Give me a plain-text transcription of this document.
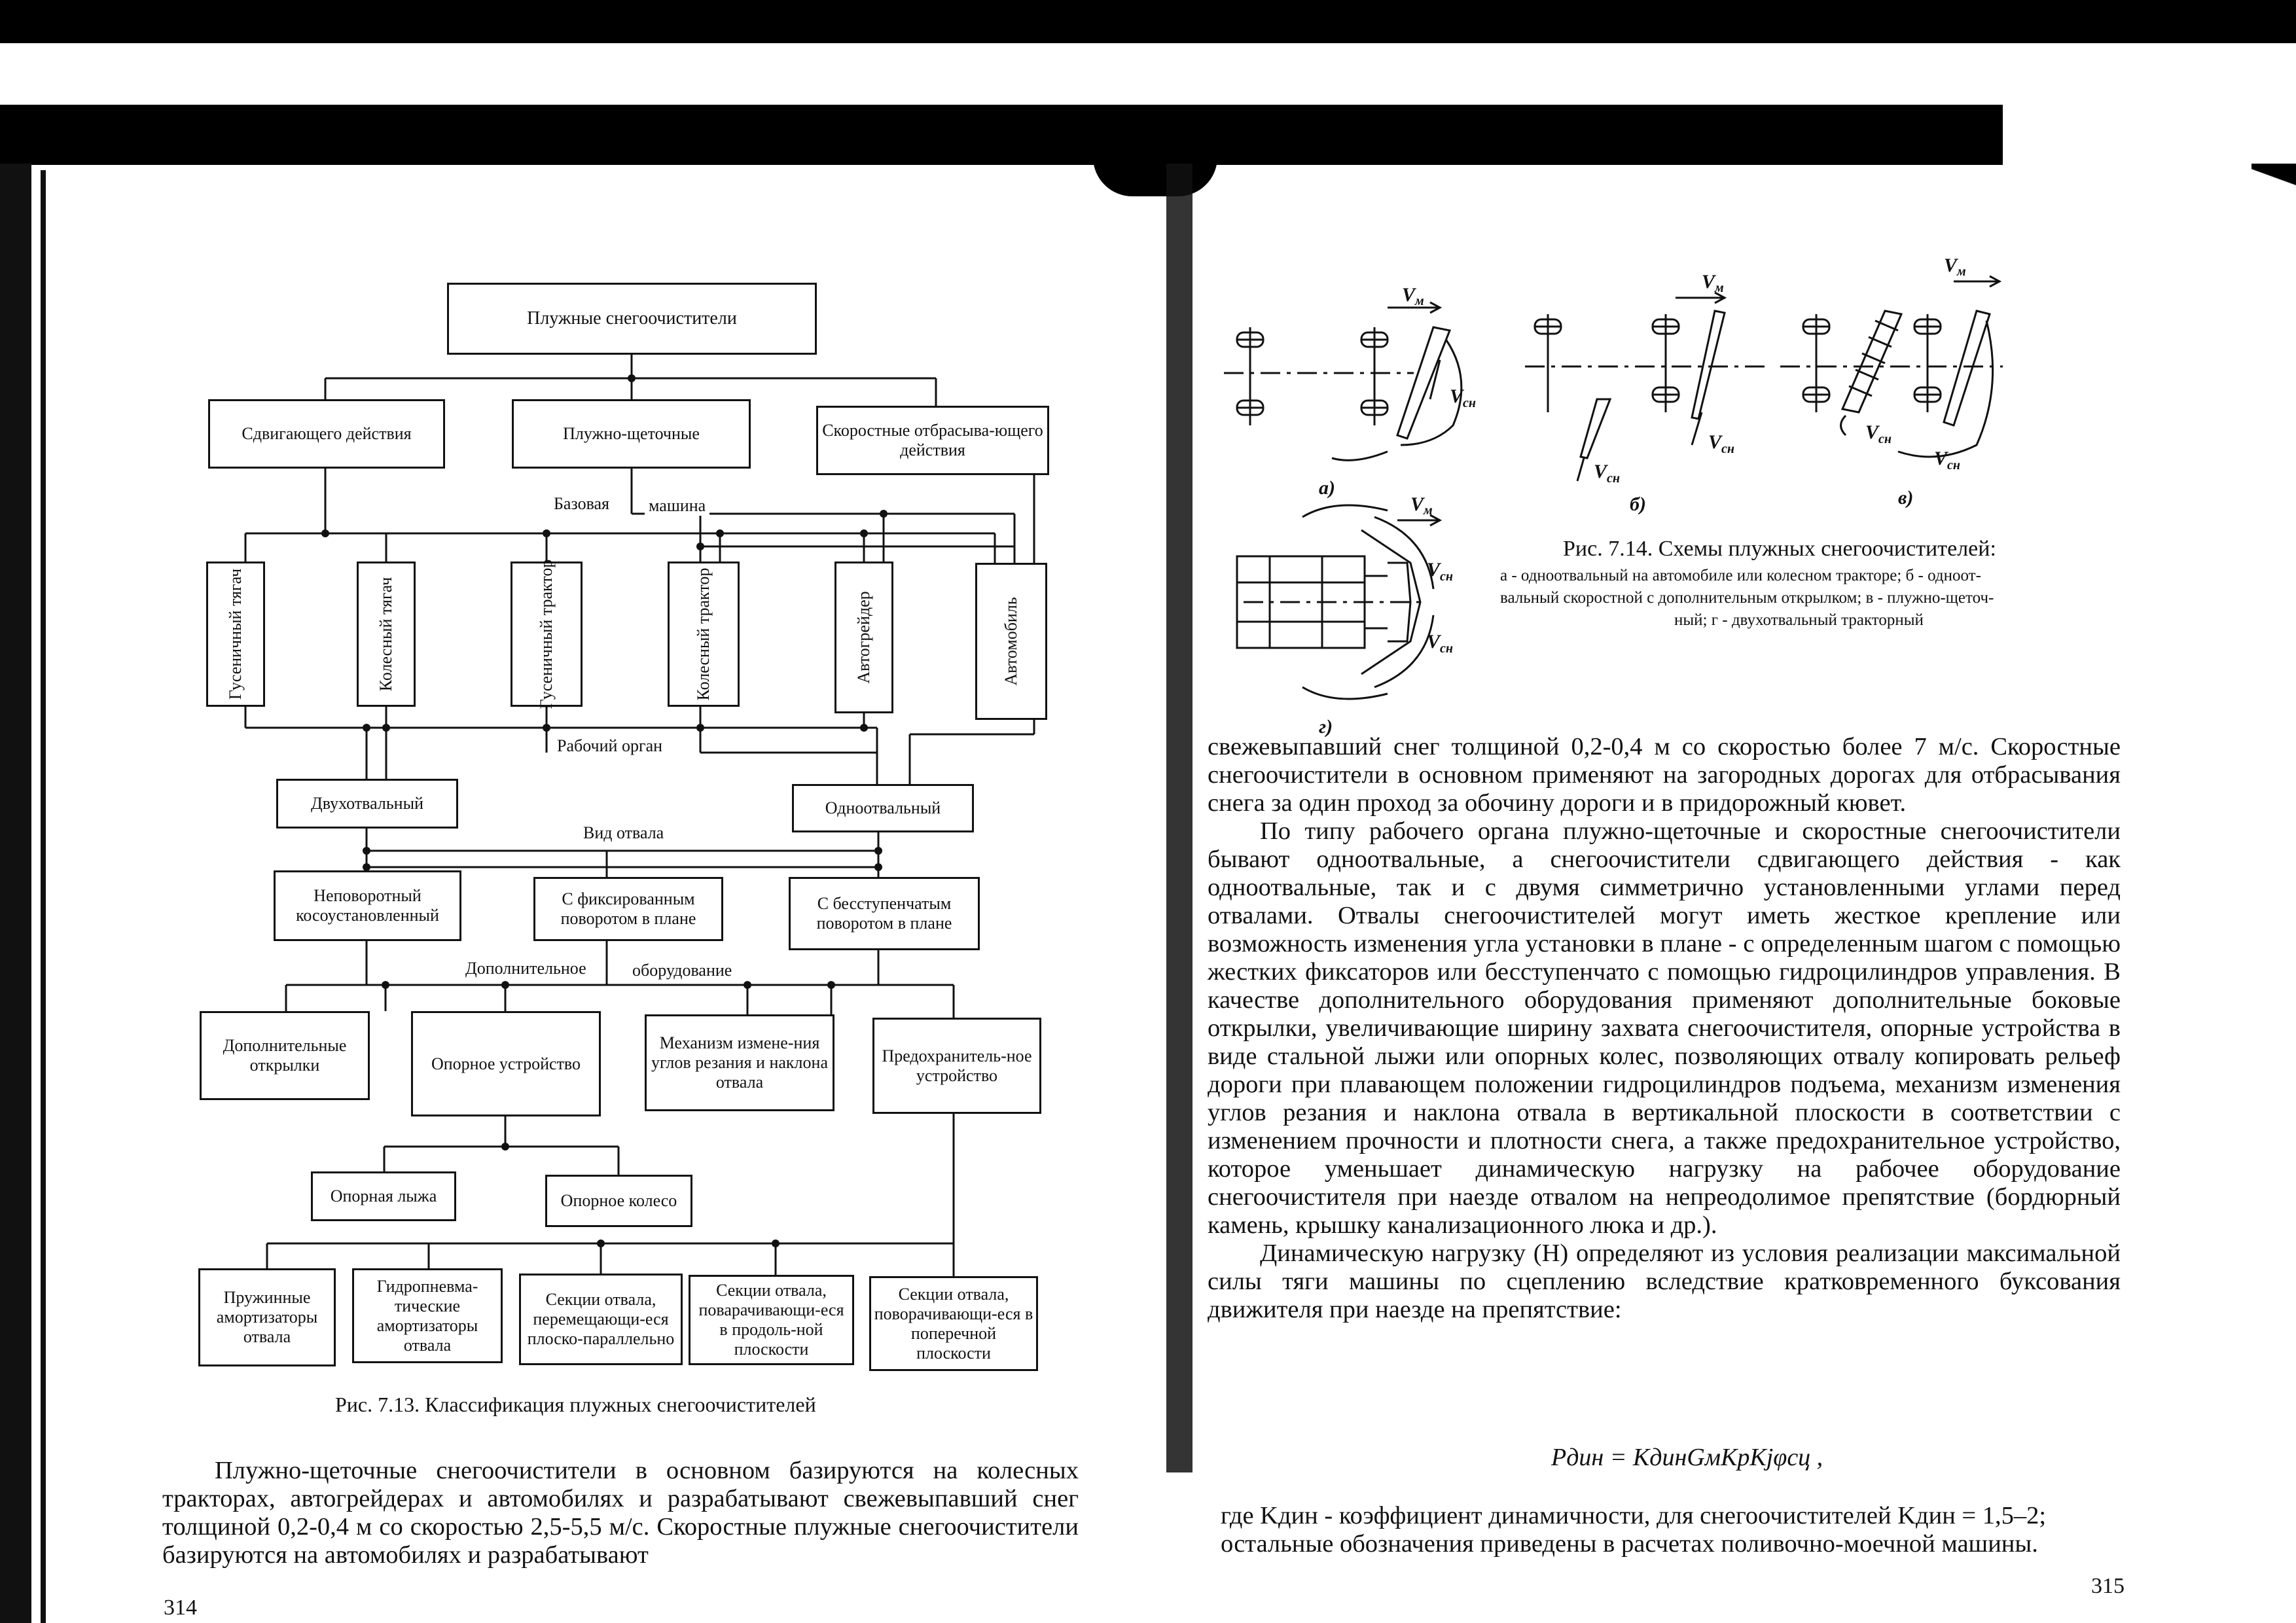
Плужные снегоочистители
Сдвигающего действия	Плужно-щеточные	Скоростные отбрасыва-ющего действия
Базовая машина
Гусеничный тягач	Колесный тягач	Гусеничный трактор	Колесный трактор	Автогрейдер	Автомобиль
Рабочий орган
Двухотвальный	Одноотвальный
Вид отвала
Неповоротный косоустановленный
С фиксированным поворотом в плане
С бесступенчатым поворотом в плане
Дополнительное	оборудование
Дополнительные открылки	Опорное устройство
Механизм измене-ния углов резания и наклона отвала
Предохранитель-ное устройство
Опорная лыжа	Опорное колесо
Пружинные амортизаторы отвала
Гидропневма-тические амортизаторы отвала
Секции отвала, перемещающи-еся плоско-параллельно
Секции отвала, поварачивающи-еся в продоль-ной плоскости
Секции отвала, поворачивающи-еся в поперечной плоскости
Рис. 7.13. Классификация плужных снегоочистителей

Плужно-щеточные снегоочистители в основном базируются на колесных тракторах, автогрейдерах и автомобилях и разрабатывают свежевыпавший снег толщиной 0,2-0,4 м со скоростью 2,5-5,5 м/с. Скоростные плужные снегоочистители базируются на автомобилях и разрабатывают

314
V м
V сн
а)
V м
V сн
V сн
б)
V м
V сн
V сн
в)
V м
V сн
V сн
г)
Рис. 7.14. Схемы плужных снегоочистителей:
а - одноотвальный на автомобиле или колесном тракторе; б - одноот-
вальный скоростной с дополнительным открылком; в - плужно-щеточ-
ный; г - двухотвальный тракторный

свежевыпавший снег толщиной 0,2-0,4 м со скоростью более 7 м/с. Скоростные снегоочистители в основном применяют на загородных дорогах для отбрасывания снега за один проход за обочину дороги и в придорожный кювет.

По типу рабочего органа плужно-щеточные и скоростные снегоочистители бывают одноотвальные, а снегоочистители сдвигающего действия - как одноотвальные, так и с двумя симметрично установленными углами перед отвалами. Отвалы снегоочистителей могут иметь жесткое крепление или возможность изменения угла установки в плане - с определенным шагом с помощью жестких фиксаторов или бесступенчато с помощью гидроцилиндров управления. В качестве дополнительного оборудования применяют дополнительные боковые открылки, увеличивающие ширину захвата снегоочистителя, опорные устройства в виде стальной лыжи или опорных колес, позволяющих отвалу копировать рельеф дороги при плавающем положении гидроцилиндров подъема, механизм изменения углов резания и наклона отвала в вертикальной плоскости в соответствии с изменением прочности и плотности снега, а также предохранительное устройство, которое уменьшает динамическую нагрузку на рабочее оборудование снегоочистителя при наезде отвалом на непреодолимое препятствие (бордюрный камень, крышку канализационного люка и др.).

Динамическую нагрузку (Н) определяют из условия реализации максимальной силы тяги машины по сцеплению вследствие кратковременного буксования движителя при наезде на препятствие:

Pдин = KдинGмKрKjφсц ,

где Kдин - коэффициент динамичности, для снегоочистителей Kдин = 1,5–2;

остальные обозначения приведены в расчетах поливочно-моечной машины.

315
